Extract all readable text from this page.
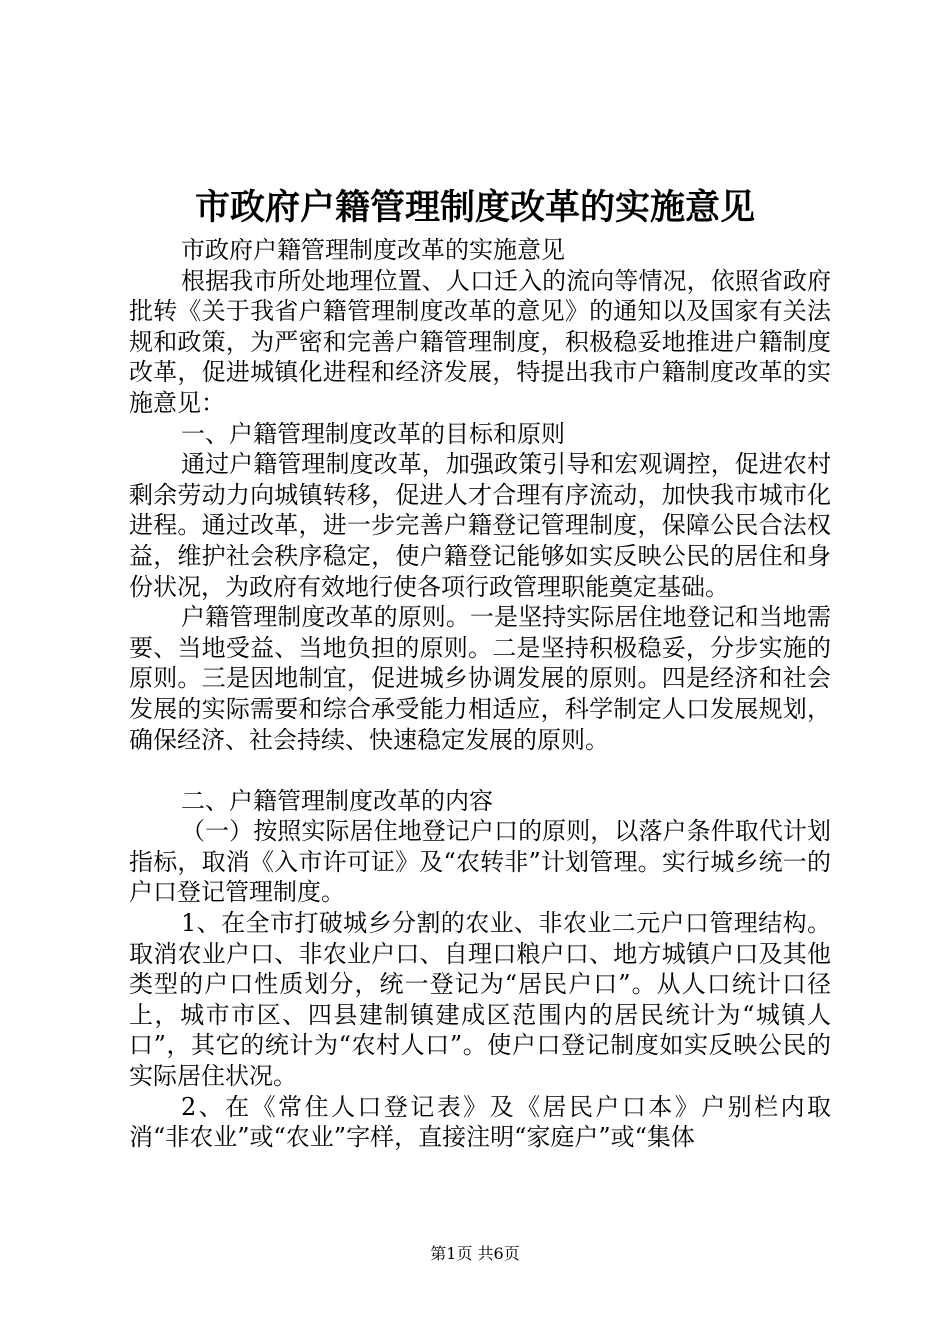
市政府户籍管理制度改革的实施意见

市政府户籍管理制度改革的实施意见

根据我市所处地理位置、人口迁入的流向等情况，依照省政府批转《关于我省户籍管理制度改革的意见》的通知以及国家有关法规和政策，为严密和完善户籍管理制度，积极稳妥地推进户籍制度改革，促进城镇化进程和经济发展，特提出我市户籍制度改革的实施意见：

一、户籍管理制度改革的目标和原则

通过户籍管理制度改革，加强政策引导和宏观调控，促进农村剩余劳动力向城镇转移，促进人才合理有序流动，加快我市城市化进程。通过改革，进一步完善户籍登记管理制度，保障公民合法权益，维护社会秩序稳定，使户籍登记能够如实反映公民的居住和身份状况，为政府有效地行使各项行政管理职能奠定基础。

户籍管理制度改革的原则。一是坚持实际居住地登记和当地需要、当地受益、当地负担的原则。二是坚持积极稳妥，分步实施的原则。三是因地制宜，促进城乡协调发展的原则。四是经济和社会发展的实际需要和综合承受能力相适应，科学制定人口发展规划，确保经济、社会持续、快速稳定发展的原则。

二、户籍管理制度改革的内容

（一）按照实际居住地登记户口的原则，以落户条件取代计划指标，取消《入市许可证》及“农转非”计划管理。实行城乡统一的户口登记管理制度。

1、在全市打破城乡分割的农业、非农业二元户口管理结构。取消农业户口、非农业户口、自理口粮户口、地方城镇户口及其他类型的户口性质划分，统一登记为“居民户口”。从人口统计口径上，城市市区、四县建制镇建成区范围内的居民统计为“城镇人口”，其它的统计为“农村人口”。使户口登记制度如实反映公民的实际居住状况。

2、在《常住人口登记表》及《居民户口本》户别栏内取消“非农业”或“农业”字样，直接注明“家庭户”或“集体

第1页 共6页
